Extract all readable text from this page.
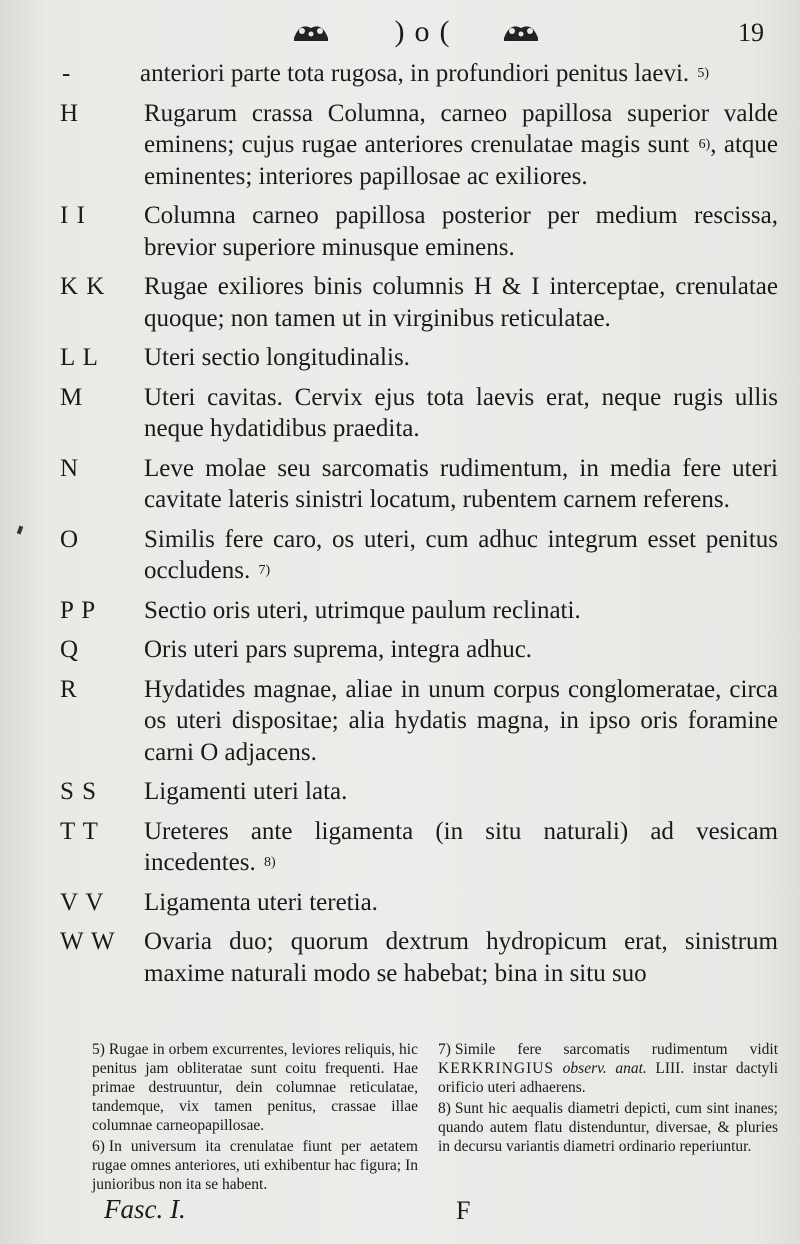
)o(	19
-	anteriori parte tota rugosa, in profundiori penitus laevi. $^{5)}$
H	Rugarum crassa Columna, carneo papillosa superior valde eminens; cujus rugae anteriores crenulatae magis sunt $^{6)}$, atque eminentes; interiores papillosae ac exiliores.
I I Columna carneo papillosa posterior per medium rescissa, brevior superiore minusque eminens.
K K Rugae exiliores binis columnis H & I interceptae, crenulatae quoque; non tamen ut in virginibus reticulatae.
L L Uteri sectio longitudinalis.
M Uteri cavitas. Cervix ejus tota laevis erat, neque rugis ullis neque hydatidibus praedita.
N	Leve molae seu sarcomatis rudimentum, in media fere uteri cavitate lateris sinistri locatum, rubentem carnem referens.
O	Similis fere caro, os uteri, cum adhuc integrum esset penitus occludens. $^{7)}$
P P Sectio oris uteri, utrimque paulum reclinati.
Q	Oris uteri pars suprema, integra adhuc.
R	Hydatides magnae, aliae in unum corpus conglomeratae, circa os uteri dispositae; alia hydatis magna, in ipso oris foramine carni O adjacens.
S S Ligamenti uteri lata.
T T Ureteres ante ligamenta (in situ naturali) ad vesicam incedentes. $^{8)}$
V V Ligamenta uteri teretia.
W W Ovaria duo; quorum dextrum hydropicum erat, sinistrum maxime naturali modo se habebat; bina in situ suo
5) Rugae in orbem excurrentes, leviores reliquis, hic penitus jam obliteratae sunt coitu frequenti. Hae primae destruuntur, dein columnae reticulatae, tandemque, vix tamen penitus, crassae illae columnae carneopapillosae.
6) In universum ita crenulatae fiunt per aetatem rugae omnes anteriores, uti exhibentur hac figura; In junioribus non ita se habent.
7) Simile fere sarcomatis rudimentum vidit KERKRINGIUS observ. anat. LIII. instar dactyli orificio uteri adhaerens.
8) Sunt hic aequalis diametri depicti, cum sint inanes; quando autem flatu distenduntur, diversae, & pluries in decursu variantis diametri ordinario reperiuntur.
Fasc. I.	F
